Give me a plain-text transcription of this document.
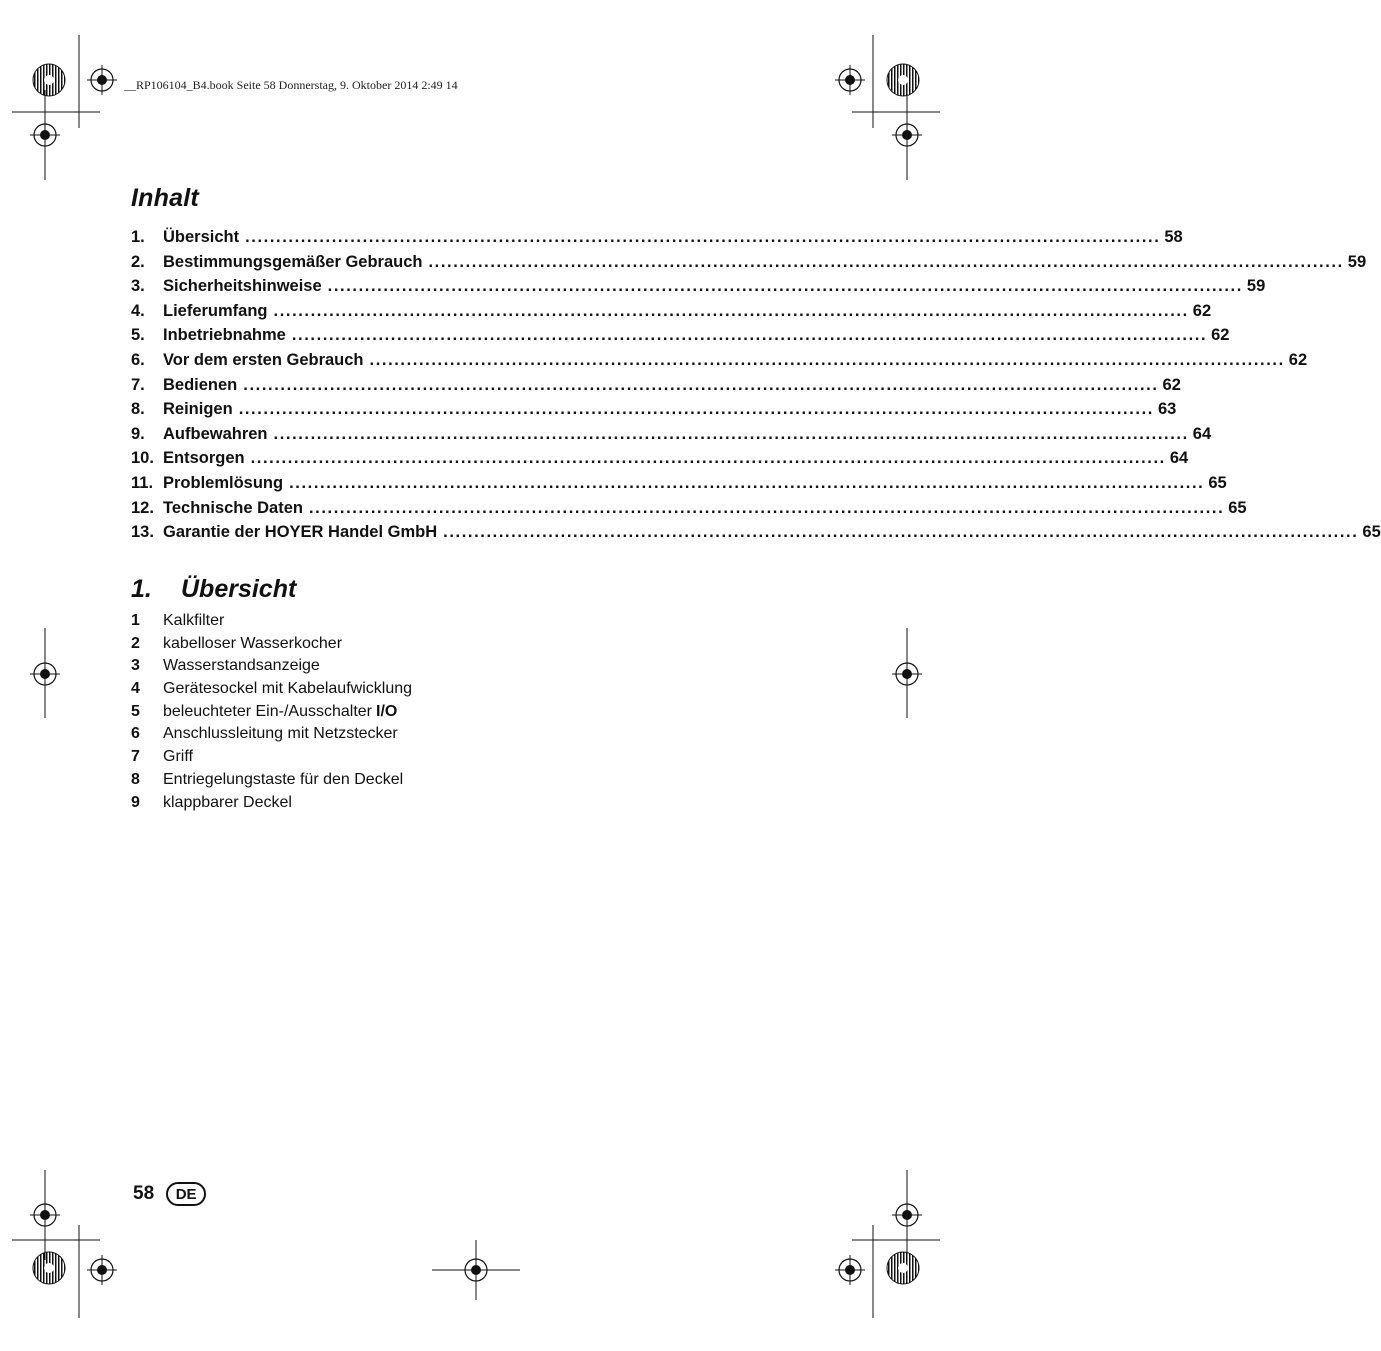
__RP106104_B4.book Seite 58 Donnerstag, 9. Oktober 2014 2:49 14
Inhalt
1.	Übersicht .................................................................................................................................................... 58
2.	Bestimmungsgemäßer Gebrauch .................................................................................................................................................... 59
3.	Sicherheitshinweise .................................................................................................................................................... 59
4.	Lieferumfang .................................................................................................................................................... 62
5.	Inbetriebnahme .................................................................................................................................................... 62
6.	Vor dem ersten Gebrauch .................................................................................................................................................... 62
7.	Bedienen .................................................................................................................................................... 62
8.	Reinigen .................................................................................................................................................... 63
9.	Aufbewahren .................................................................................................................................................... 64
10. Entsorgen .................................................................................................................................................... 64
11. Problemlösung .................................................................................................................................................... 65
12. Technische Daten .................................................................................................................................................... 65
13. Garantie der HOYER Handel GmbH .................................................................................................................................................... 65
1.	Übersicht
1	Kalkfilter
2	kabelloser Wasserkocher
3	Wasserstandsanzeige
4	Gerätesockel mit Kabelaufwicklung
5	beleuchteter Ein-/Ausschalter I/O
6	Anschlussleitung mit Netzstecker
7	Griff
8	Entriegelungstaste für den Deckel
9	klappbarer Deckel
58	DE
